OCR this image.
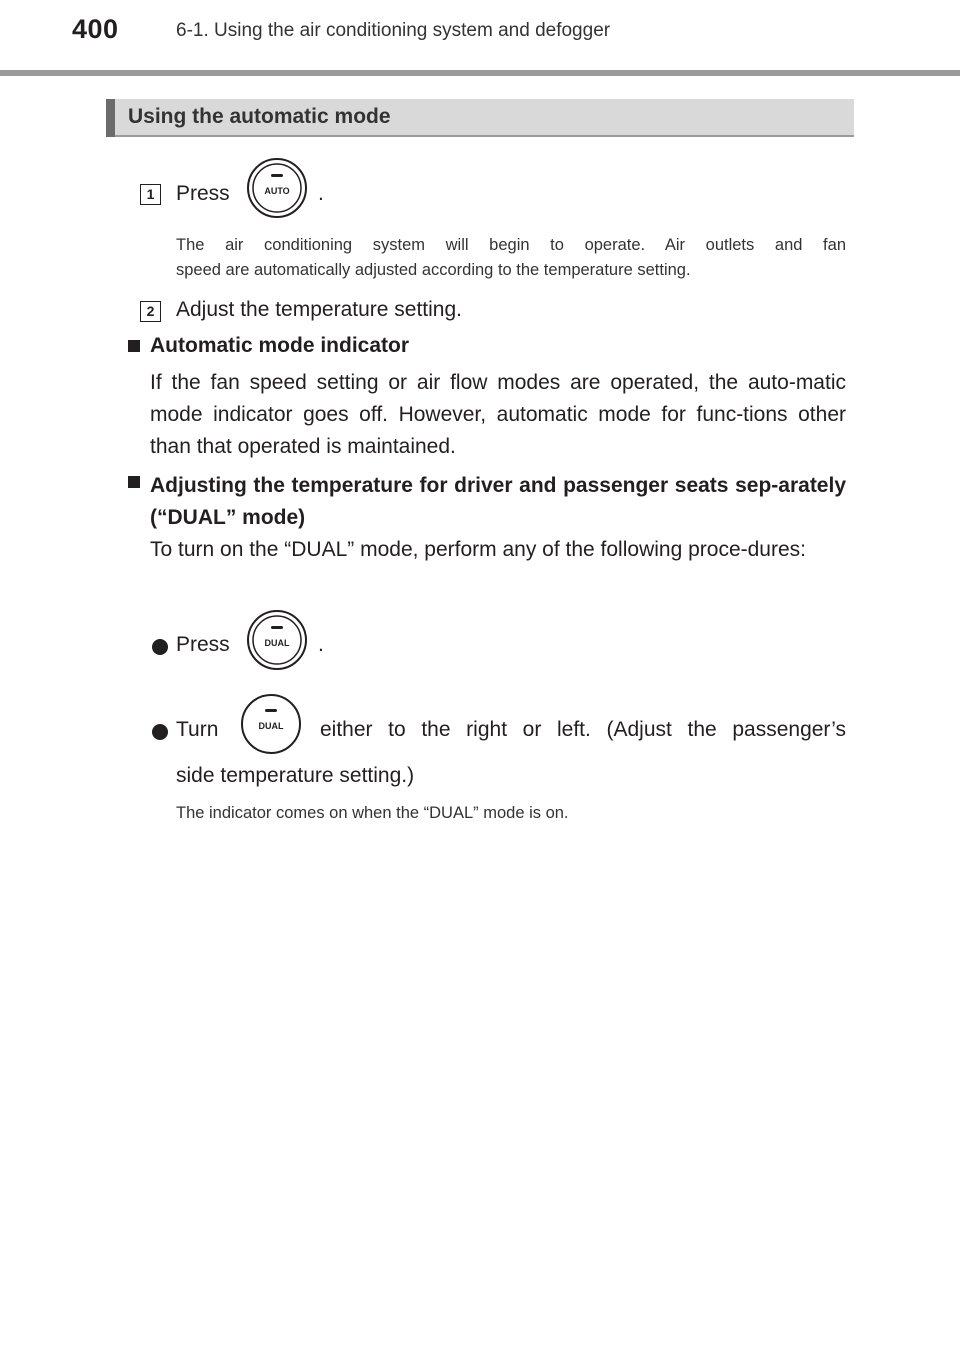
400	6-1. Using the air conditioning system and defogger
Using the automatic mode
1	Press	AUTO .
The air conditioning system will begin to operate. Air outlets and fan
speed are automatically adjusted according to the temperature setting.
2	Adjust the temperature setting.
Automatic mode indicator
If the fan speed setting or air flow modes are operated, the auto-matic mode indicator goes off. However, automatic mode for func-tions other than that operated is maintained.
Adjusting the temperature for driver and passenger seats sep-arately (“DUAL” mode)
To turn on the “DUAL” mode, perform any of the following proce-dures:
Press	DUAL .
Turn	DUAL either to the right or left. (Adjust the passenger’s
side temperature setting.)
The indicator comes on when the “DUAL” mode is on.
